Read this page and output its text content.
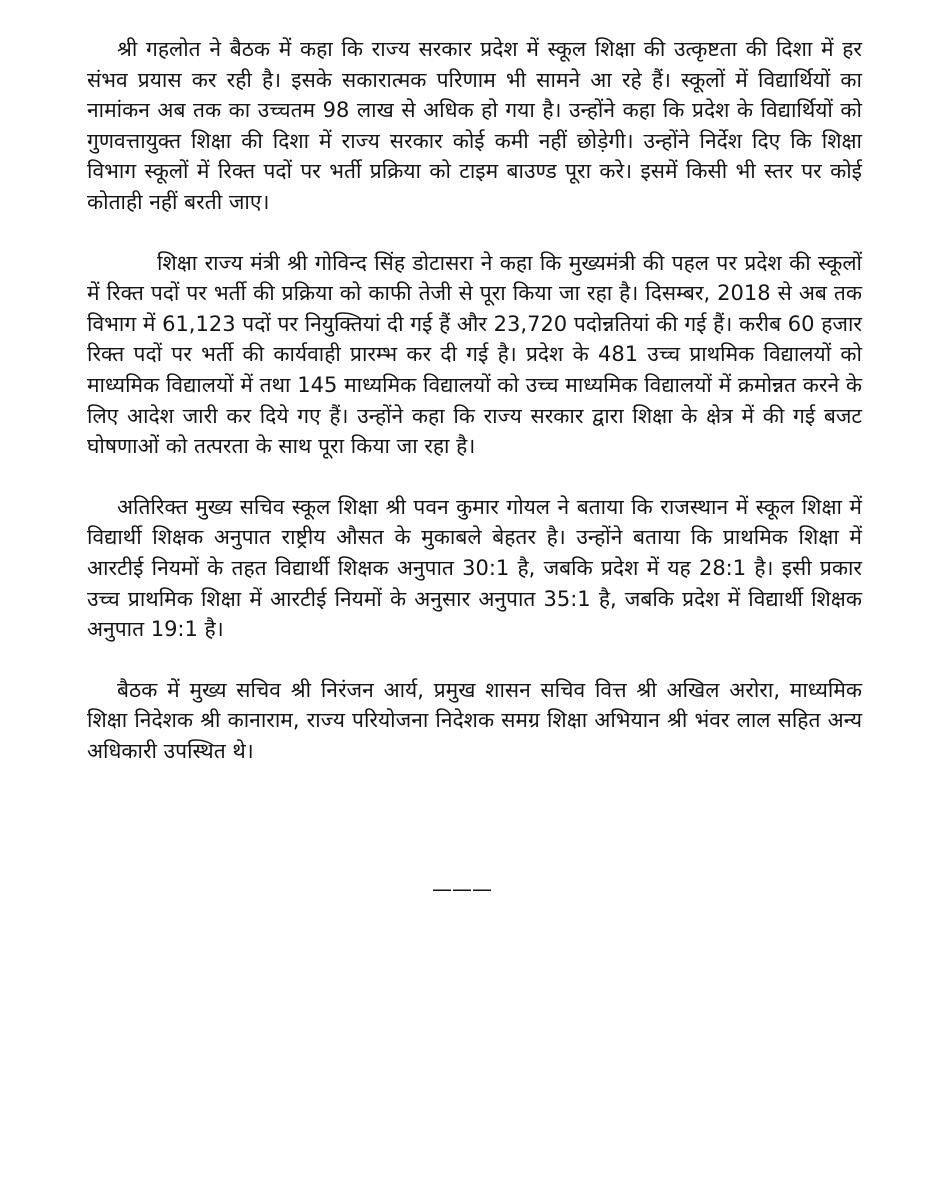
श्री गहलोत ने बैठक में कहा कि राज्य सरकार प्रदेश में स्कूल शिक्षा की उत्कृष्टता की दिशा में हर संभव प्रयास कर रही है। इसके सकारात्मक परिणाम भी सामने आ रहे हैं। स्कूलों में विद्यार्थियों का नामांकन अब तक का उच्चतम 98 लाख से अधिक हो गया है। उन्होंने कहा कि प्रदेश के विद्यार्थियों को गुणवत्तायुक्त शिक्षा की दिशा में राज्य सरकार कोई कमी नहीं छोड़ेगी। उन्होंने निर्देश दिए कि शिक्षा विभाग स्कूलों में रिक्त पदों पर भर्ती प्रक्रिया को टाइम बाउण्ड पूरा करे। इसमें किसी भी स्तर पर कोई कोताही नहीं बरती जाए।

शिक्षा राज्य मंत्री श्री गोविन्द सिंह डोटासरा ने कहा कि मुख्यमंत्री की पहल पर प्रदेश की स्कूलों में रिक्त पदों पर भर्ती की प्रक्रिया को काफी तेजी से पूरा किया जा रहा है। दिसम्बर, 2018 से अब तक विभाग में 61,123 पदों पर नियुक्तियां दी गई हैं और 23,720 पदोन्नतियां की गई हैं। करीब 60 हजार रिक्त पदों पर भर्ती की कार्यवाही प्रारम्भ कर दी गई है। प्रदेश के 481 उच्च प्राथमिक विद्यालयों को माध्यमिक विद्यालयों में तथा 145 माध्यमिक विद्यालयों को उच्च माध्यमिक विद्यालयों में क्रमोन्नत करने के लिए आदेश जारी कर दिये गए हैं। उन्होंने कहा कि राज्य सरकार द्वारा शिक्षा के क्षेत्र में की गई बजट घोषणाओं को तत्परता के साथ पूरा किया जा रहा है।

अतिरिक्त मुख्य सचिव स्कूल शिक्षा श्री पवन कुमार गोयल ने बताया कि राजस्थान में स्कूल शिक्षा में विद्यार्थी शिक्षक अनुपात राष्ट्रीय औसत के मुकाबले बेहतर है। उन्होंने बताया कि प्राथमिक शिक्षा में आरटीई नियमों के तहत विद्यार्थी शिक्षक अनुपात 30:1 है, जबकि प्रदेश में यह 28:1 है। इसी प्रकार उच्च प्राथमिक शिक्षा में आरटीई नियमों के अनुसार अनुपात 35:1 है, जबकि प्रदेश में विद्यार्थी शिक्षक अनुपात 19:1 है।

बैठक में मुख्य सचिव श्री निरंजन आर्य, प्रमुख शासन सचिव वित्त श्री अखिल अरोरा, माध्यमिक शिक्षा निदेशक श्री कानाराम, राज्य परियोजना निदेशक समग्र शिक्षा अभियान श्री भंवर लाल सहित अन्य अधिकारी उपस्थित थे।

———
